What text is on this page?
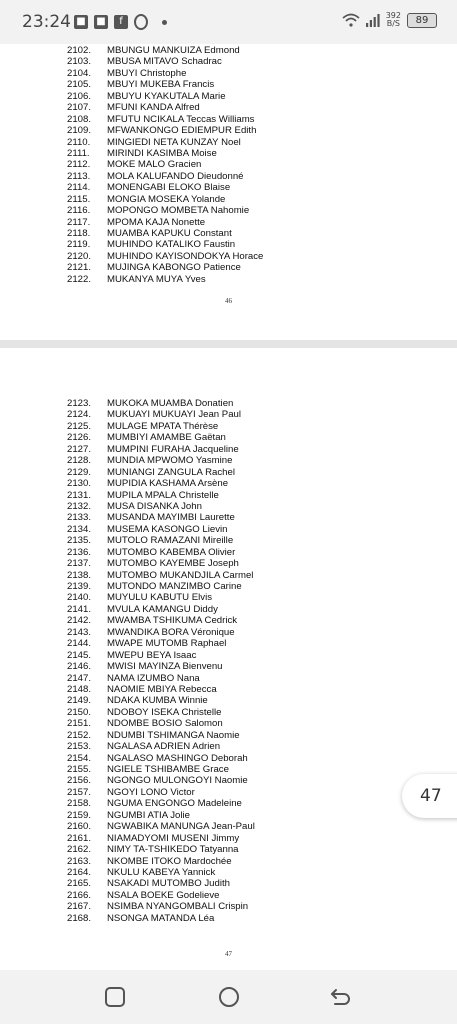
23:24 ■ ■	f
392
B/S	89
2102. MBUNGU MANKUIZA Edmond
2103. MBUSA MITAVO Schadrac
2104. MBUYI Christophe
2105. MBUYI MUKEBA Francis
2106. MBUYU KYAKUTALA Marie
2107. MFUNI KANDA Alfred
2108. MFUTU NCIKALA Teccas Williams
2109. MFWANKONGO EDIEMPUR Edith
2110. MINGIEDI NETA KUNZAY Noel
2111. MIRINDI KASIMBA Moise
2112. MOKE MALO Gracien
2113. MOLA KALUFANDO Dieudonné
2114. MONENGABI ELOKO Blaise
2115. MONGIA MOSEKA Yolande
2116. MOPONGO MOMBETA Nahomie
2117. MPOMA KAJA Nonette
2118. MUAMBA KAPUKU Constant
2119. MUHINDO KATALIKO Faustin
2120. MUHINDO KAYISONDOKYA Horace
2121. MUJINGA KABONGO Patience
2122. MUKANYA MUYA Yves
46
2123. MUKOKA MUAMBA Donatien
2124. MUKUAYI MUKUAYI Jean Paul
2125. MULAGE MPATA Thérèse
2126. MUMBIYI AMAMBE Gaëtan
2127. MUMPINI FURAHA Jacqueline
2128. MUNDIA MPWOMO Yasmine
2129. MUNIANGI ZANGULA Rachel
2130. MUPIDIA KASHAMA Arsène
2131. MUPILA MPALA Christelle
2132. MUSA DISANKA John
2133. MUSANDA MAYIMBI Laurette
2134. MUSEMA KASONGO Lievin
2135. MUTOLO RAMAZANI Mireille
2136. MUTOMBO KABEMBA Olivier
2137. MUTOMBO KAYEMBE Joseph
2138. MUTOMBO MUKANDJILA Carmel
2139. MUTONDO MANZIMBO Carine
2140. MUYULU KABUTU Elvis
2141. MVULA KAMANGU Diddy
2142. MWAMBA TSHIKUMA Cedrick
2143. MWANDIKA BORA Véronique
2144. MWAPE MUTOMB Raphael
2145. MWEPU BEYA Isaac
2146. MWISI MAYINZA Bienvenu
2147. NAMA IZUMBO Nana
2148. NAOMIE MBIYA Rebecca
2149. NDAKA KUMBA Winnie
2150. NDOBOY ISEKA Christelle
2151. NDOMBE BOSIO Salomon
2152. NDUMBI TSHIMANGA Naomie
2153. NGALASA ADRIEN Adrien
2154. NGALASO MASHINGO Deborah
2155. NGIELE TSHIBAMBE Grace
2156. NGONGO MULONGOYI Naomie
2157. NGOYI LONO Victor
2158. NGUMA ENGONGO Madeleine
2159. NGUMBI ATIA Jolie
2160. NGWABIKA MANUNGA Jean-Paul
2161. NIAMADYOMI MUSENI Jimmy
2162. NIMY TA-TSHIKEDO Tatyanna
2163. NKOMBE ITOKO Mardochée
2164. NKULU KABEYA Yannick
2165. NSAKADI MUTOMBO Judith
2166. NSALA BOEKE Godelieve
2167. NSIMBA NYANGOMBALI Crispin
2168. NSONGA MATANDA Léa
47
47
